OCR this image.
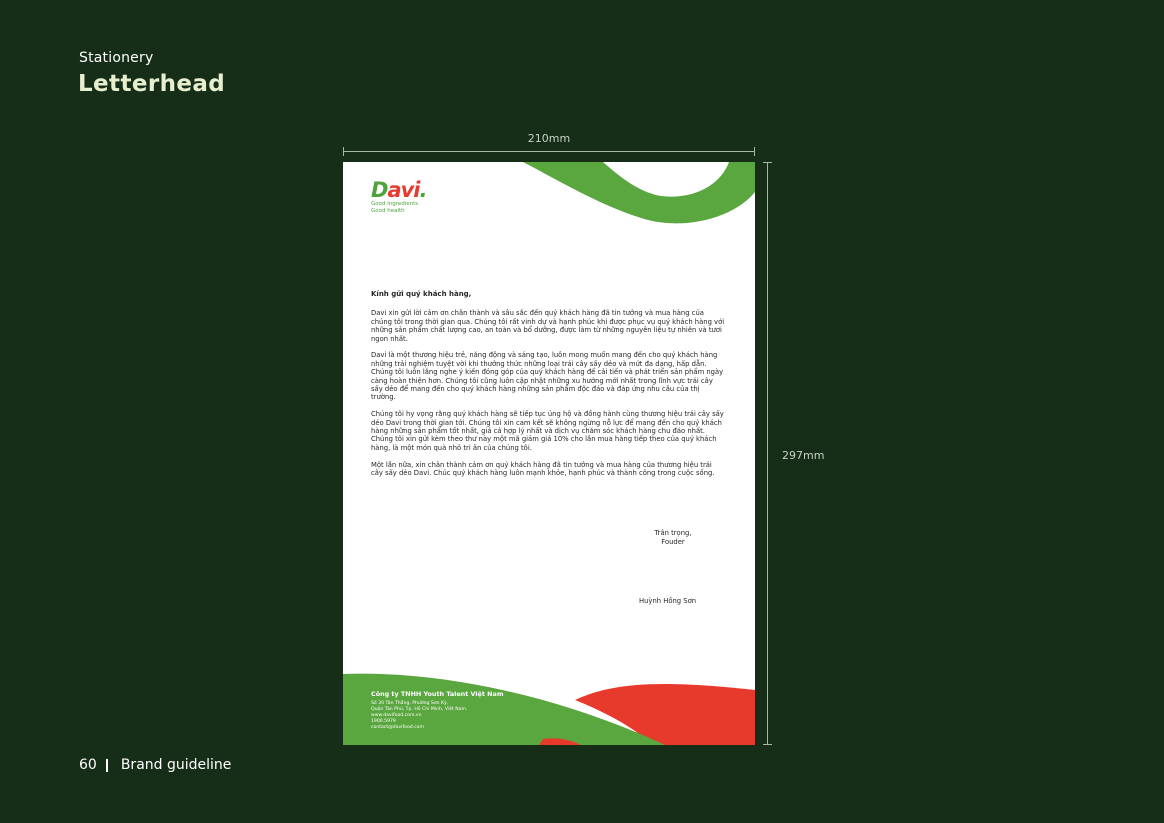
Stationery
Letterhead
210mm
297mm
Davi.
Good ingredients
Good health

Kính gửi quý khách hàng,

Davi xin gửi lời cảm ơn chân thành và sâu sắc đến quý khách hàng đã tin tưởng và mua hàng của chúng tôi trong thời gian qua. Chúng tôi rất vinh dự và hạnh phúc khi được phục vụ quý khách hàng với những sản phẩm chất lượng cao, an toàn và bổ dưỡng, được làm từ những nguyên liệu tự nhiên và tươi ngon nhất.

Davi là một thương hiệu trẻ, năng động và sáng tạo, luôn mong muốn mang đến cho quý khách hàng những trải nghiệm tuyệt vời khi thưởng thức những loại trái cây sấy dẻo và mứt đa dạng, hấp dẫn. Chúng tôi luôn lắng nghe ý kiến đóng góp của quý khách hàng để cải tiến và phát triển sản phẩm ngày càng hoàn thiện hơn. Chúng tôi cũng luôn cập nhật những xu hướng mới nhất trong lĩnh vực trái cây sấy dẻo để mang đến cho quý khách hàng những sản phẩm độc đáo và đáp ứng nhu cầu của thị trường.

Chúng tôi hy vọng rằng quý khách hàng sẽ tiếp tục ủng hộ và đồng hành cùng thương hiệu trái cây sấy dẻo Davi trong thời gian tới. Chúng tôi xin cam kết sẽ không ngừng nỗ lực để mang đến cho quý khách hàng những sản phẩm tốt nhất, giá cả hợp lý nhất và dịch vụ chăm sóc khách hàng chu đáo nhất. Chúng tôi xin gửi kèm theo thư này một mã giảm giá 10% cho lần mua hàng tiếp theo của quý khách hàng, là một món quà nhỏ tri ân của chúng tôi.

Một lần nữa, xin chân thành cảm ơn quý khách hàng đã tin tưởng và mua hàng của thương hiệu trái cây sấy dẻo Davi. Chúc quý khách hàng luôn mạnh khỏe, hạnh phúc và thành công trong cuộc sống.

Trân trọng,
Fouder
Huỳnh Hồng Sơn
Công ty TNHH Youth Talent Việt Nam
Số 30 Tân Thắng, Phường Sơn Kỳ,
Quận Tân Phú, Tp. Hồ Chí Minh, Việt Nam.
www.davifood.com.vn
1900.5979
contact@davifood.com
60 Brand guideline
